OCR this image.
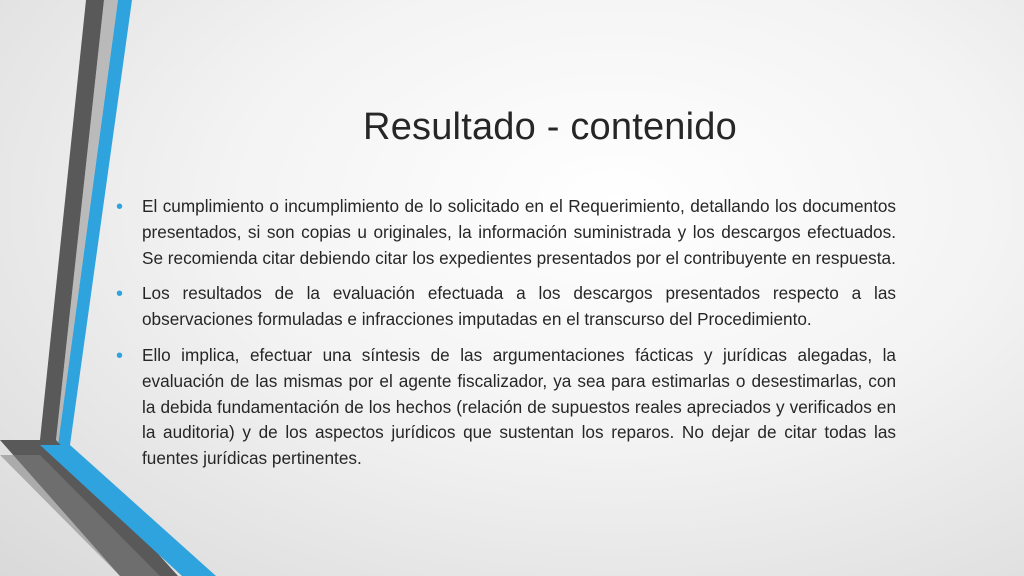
Resultado - contenido
• El cumplimiento o incumplimiento de lo solicitado en el Requerimiento, detallando los documentos presentados, si son copias u originales, la información suministrada y los descargos efectuados. Se recomienda citar debiendo citar los expedientes presentados por el contribuyente en respuesta.
• Los resultados de la evaluación efectuada a los descargos presentados respecto a las observaciones formuladas e infracciones imputadas en el transcurso del Procedimiento.
• Ello implica, efectuar una síntesis de las argumentaciones fácticas y jurídicas alegadas, la evaluación de las mismas por el agente fiscalizador, ya sea para estimarlas o desestimarlas, con la debida fundamentación de los hechos (relación de supuestos reales apreciados y verificados en la auditoria) y de los aspectos jurídicos que sustentan los reparos. No dejar de citar todas las fuentes jurídicas pertinentes.
